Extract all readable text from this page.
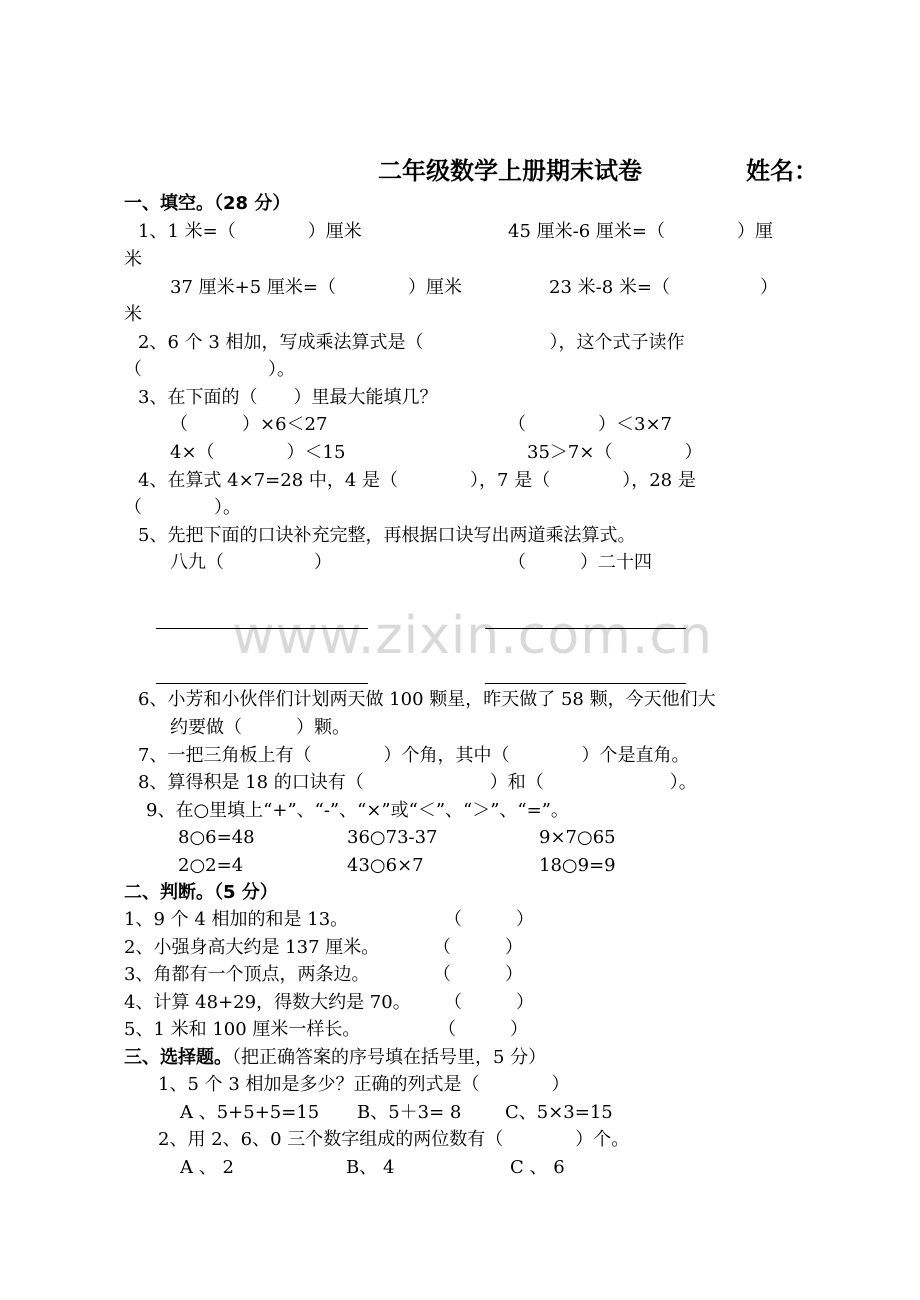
www.zixin.com.cn
二年级数学上册期末试卷	姓名：
一、填空。（28 分）
1、1 米=（　　　　）厘米	45 厘米-6 厘米=（　　　　）厘
米
37 厘米+5 厘米=（　　　　）厘米	23 米-8 米=（　　　　　）
米
2、6 个 3 相加，写成乘法算式是（　　　　　　　），这个式子读作
（　　　　　　　）。
3、在下面的（　　）里最大能填几？
（　　　）×6＜27	（　　　　）＜3×7
4×（　　　　）＜15	35＞7×（　　　　）
4、在算式 4×7=28 中，4 是（　　　　），7 是（　　　　），28 是
（　　　　）。
5、先把下面的口诀补充完整，再根据口诀写出两道乘法算式。
八九（　　　　　）	（　　　）二十四
6、小芳和小伙伴们计划两天做 100 颗星，昨天做了 58 颗，今天他们大
约要做（　　　）颗。
7、一把三角板上有（　　　　）个角，其中（　　　　）个是直角。
8、算得积是 18 的口诀有（　　　　　　　）和（　　　　　　　）。
9、在○里填上“+”、“-”、“×”或“＜”、“＞”、“=”。
8○6=48	36○73-37	9×7○65
2○2=4	43○6×7	18○9=9
二、判断。（5 分）
1、9 个 4 相加的和是 13。	（　　　）
2、小强身高大约是 137 厘米。	（　　　）
3、角都有一个顶点，两条边。	（　　　）
4、计算 48+29，得数大约是 70。 （　　　）
5、1 米和 100 厘米一样长。	（　　　）
三、选择题。（把正确答案的序号填在括号里，5 分）
1、5 个 3 相加是多少？正确的列式是（　　　　）
A 、5+5+5=15 B、5＋3= 8 C、5×3=15
2、用 2、6、0 三个数字组成的两位数有（　　　　）个。
A 、 2	B、 4	C 、 6
